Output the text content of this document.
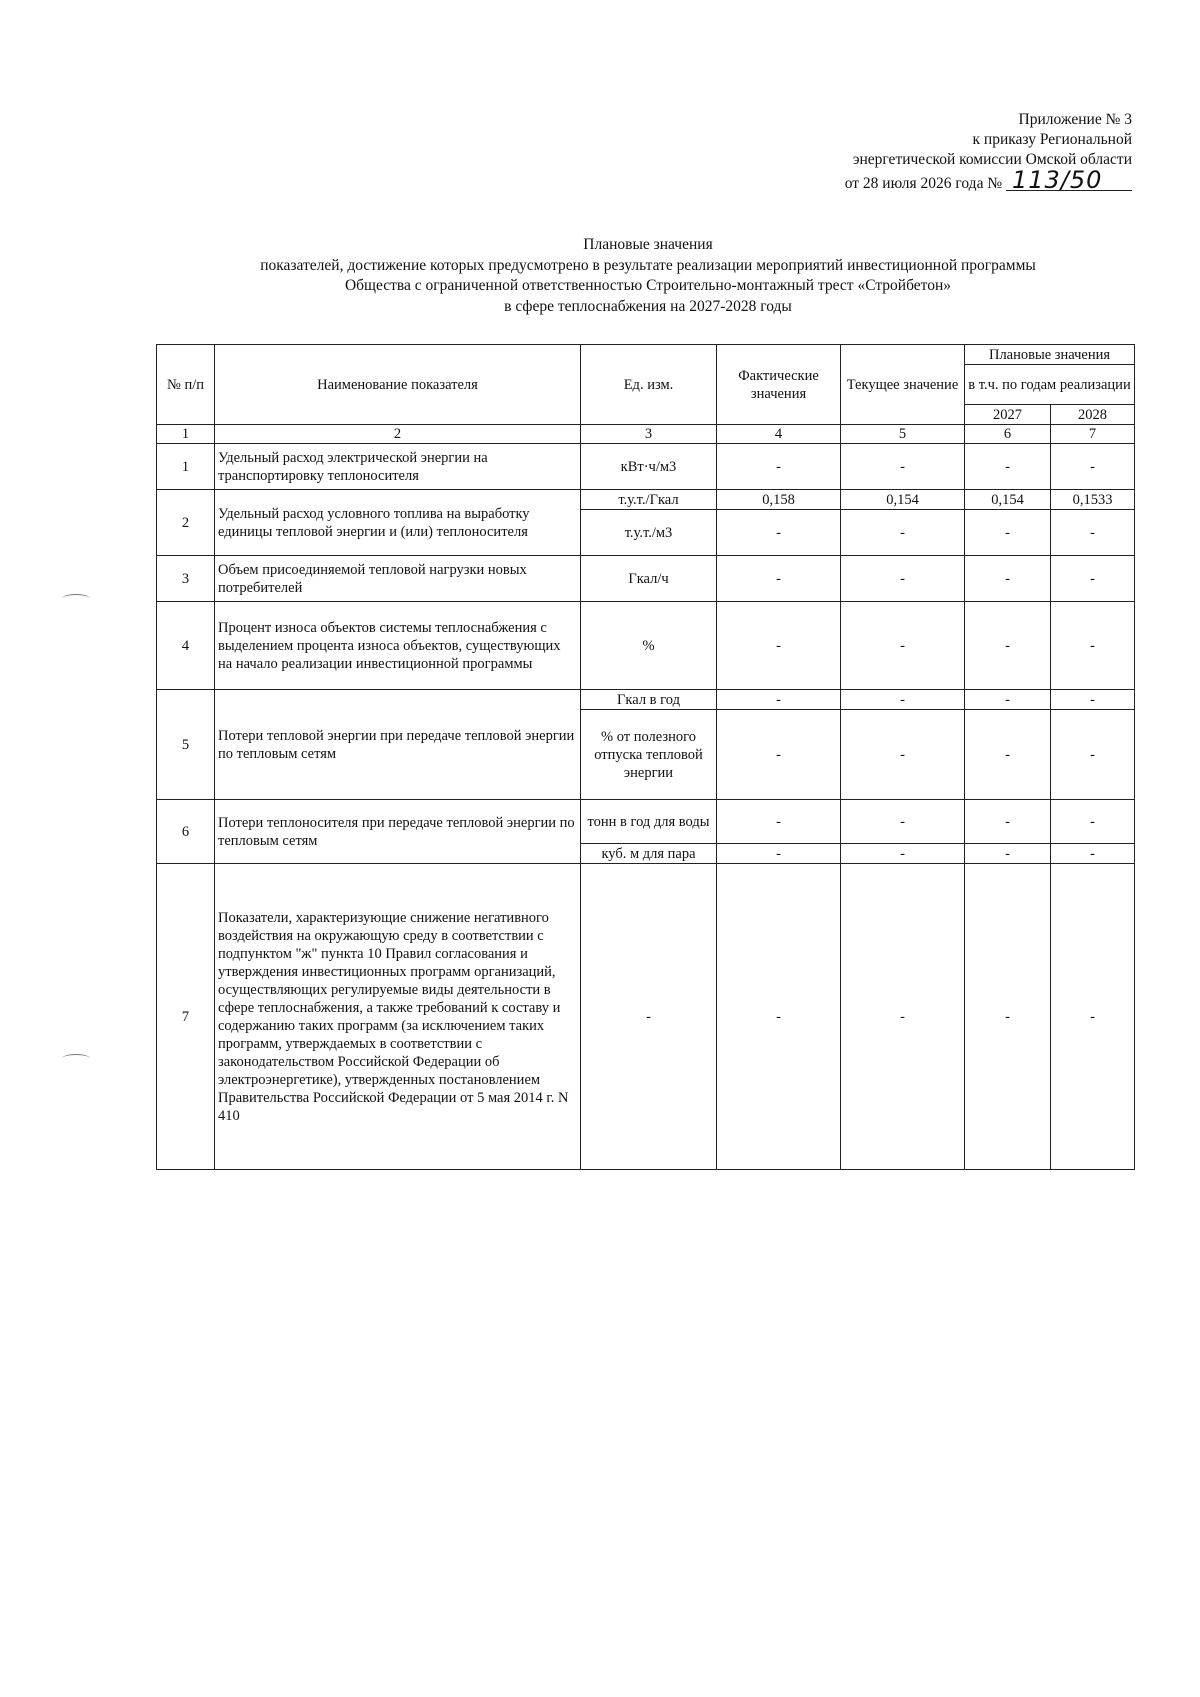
Приложение № 3
к приказу Региональной
энергетической комиссии Омской области
от 28 июля 2026 года № 113/50
Плановые значения
показателей, достижение которых предусмотрено в результате реализации мероприятий инвестиционной программы
Общества с ограниченной ответственностью Строительно-монтажный трест «Стройбетон»
в сфере теплоснабжения на 2027-2028 годы
№ п/п	Наименование показателя	Ед. изм.	Фактические значения	Текущее значение	Плановые значения	
					в т.ч. по годам реализации	
					2027	2028

1	2	3	4	5	6	7
1	Удельный расход электрической энергии на транспортировку теплоносителя	кВт·ч/м3	-	-	-	-
2	Удельный расход условного топлива на выработку единицы тепловой энергии и (или) теплоносителя	т.у.т./Гкал	0,158	0,154	0,154	0,1533
		т.у.т./м3	-	-	-	-
3	Объем присоединяемой тепловой нагрузки новых потребителей	Гкал/ч	-	-	-	-
4	Процент износа объектов системы теплоснабжения с выделением процента износа объектов, существующих на начало реализации инвестиционной программы	%	-	-	-	-
5	Потери тепловой энергии при передаче тепловой энергии по тепловым сетям	Гкал в год	-	-	-	-
		% от полезного отпуска тепловой энергии	-	-	-	-
6	Потери теплоносителя при передаче тепловой энергии по тепловым сетям	тонн в год для воды	-	-	-	-
		куб. м для пара	-	-	-	-
7	Показатели, характеризующие снижение негативного воздействия на окружающую среду в соответствии с подпунктом "ж" пункта 10 Правил согласования и утверждения инвестиционных программ организаций, осуществляющих регулируемые виды деятельности в сфере теплоснабжения, а также требований к составу и содержанию таких программ (за исключением таких программ, утверждаемых в соответствии с законодательством Российской Федерации об электроэнергетике), утвержденных постановлением Правительства Российской Федерации от 5 мая 2014 г. N 410	-	-	-	-	-
